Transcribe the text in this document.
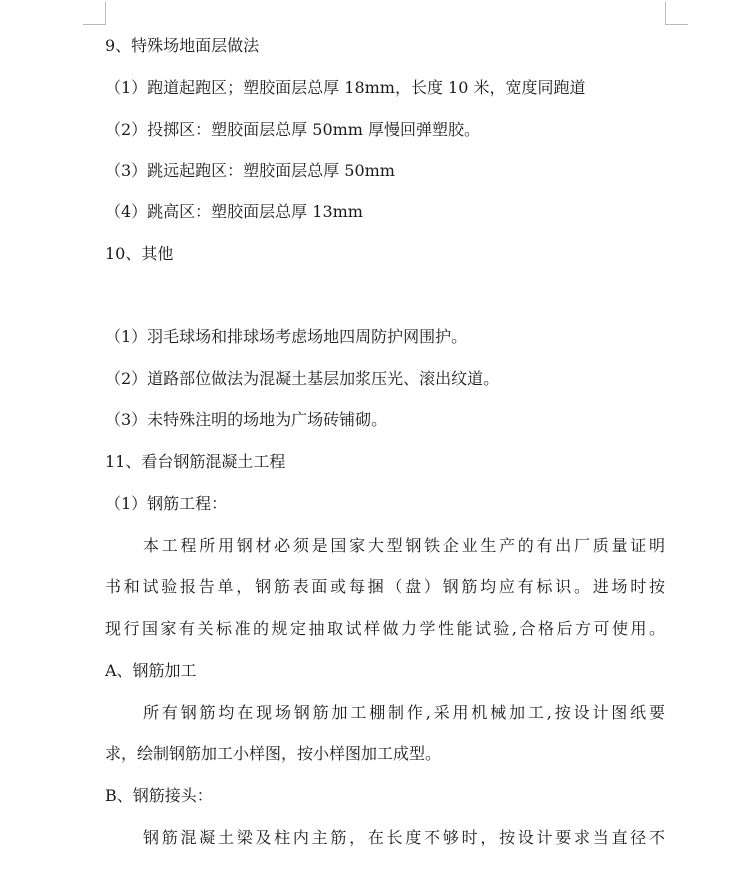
9、特殊场地面层做法
（1）跑道起跑区；塑胶面层总厚 18mm，长度 10 米，宽度同跑道
（2）投掷区：塑胶面层总厚 50mm 厚慢回弹塑胶。
（3）跳远起跑区：塑胶面层总厚 50mm
（4）跳高区：塑胶面层总厚 13mm
10、其他
（1）羽毛球场和排球场考虑场地四周防护网围护。
（2）道路部位做法为混凝土基层加浆压光、滚出纹道。
（3）未特殊注明的场地为广场砖铺砌。
11、看台钢筋混凝土工程
（1）钢筋工程：
本工程所用钢材必须是国家大型钢铁企业生产的有出厂质量证明
书和试验报告单，钢筋表面或每捆（盘）钢筋均应有标识。进场时按
现行国家有关标准的规定抽取试样做力学性能试验,合格后方可使用。
A、钢筋加工
所有钢筋均在现场钢筋加工棚制作,采用机械加工,按设计图纸要
求，绘制钢筋加工小样图，按小样图加工成型。
B、钢筋接头：
钢筋混凝土梁及柱内主筋，在长度不够时，按设计要求当直径不
